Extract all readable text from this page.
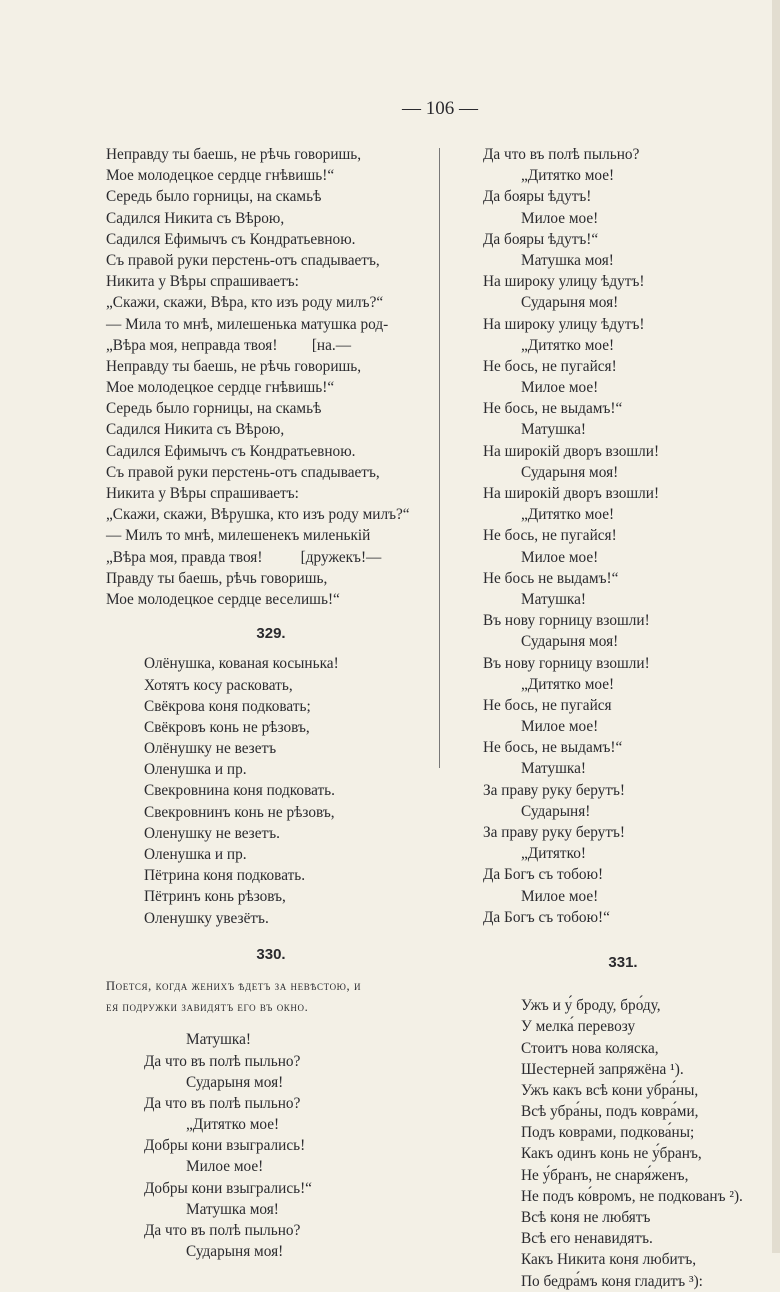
— 106 —
Неправду ты баешь, не рѣчь говоришь,
Мое молодецкое сердце гнѣвишь!“
Середь было горницы, на скамьѣ
Садился Никита съ Вѣрою,
Садился Ефимычъ съ Кондратьевною.
Съ правой руки перстень-отъ спадываетъ,
Никита у Вѣры спрашиваетъ:
„Скажи, скажи, Вѣра, кто изъ роду милъ?“
— Мила то мнѣ, милешенька матушка род-
„Вѣра моя, неправда твоя!         [на.—
Неправду ты баешь, не рѣчь говоришь,
Мое молодецкое сердце гнѣвишь!“
Середь было горницы, на скамьѣ
Садился Никита съ Вѣрою,
Садился Ефимычъ съ Кондратьевною.
Съ правой руки перстень-отъ спадываетъ,
Никита у Вѣры спрашиваетъ:
„Скажи, скажи, Вѣрушка, кто изъ роду милъ?“
— Милъ то мнѣ, милешенекъ миленькій
„Вѣра моя, правда твоя!          [дружекъ!—
Правду ты баешь, рѣчь говоришь,
Мое молодецкое сердце веселишь!“
329.
Олёнушка, кованая косынька!
Хотятъ косу расковать,
Свёкрова коня подковать;
Свёкровъ конь не рѣзовъ,
Олёнушку не везетъ
Оленушка и пр.
Свекровнина коня подковать.
Свекровнинъ конь не рѣзовъ,
Оленушку не везетъ.
Оленушка и пр.
Пётрина коня подковать.
Пётринъ конь рѣзовъ,
Оленушку увезётъ.
330.
Поется, когда женихъ ѣдетъ за невѣстою, и
ея подружки завидятъ его въ окно.
Матушка!
Да что въ полѣ пыльно?
Сударыня моя!
Да что въ полѣ пыльно?
„Дитятко мое!
Добры кони взыгрались!
Милое мое!
Добры кони взыгрались!“
Матушка моя!
Да что въ полѣ пыльно?
Сударыня моя!
Да что въ полѣ пыльно?
„Дитятко мое!
Да бояры ѣдутъ!
Милое мое!
Да бояры ѣдутъ!“
Матушка моя!
На широку улицу ѣдутъ!
Сударыня моя!
На широку улицу ѣдутъ!
„Дитятко мое!
Не бось, не пугайся!
Милое мое!
Не бось, не выдамъ!“
Матушка!
На широкій дворъ взошли!
Сударыня моя!
На широкій дворъ взошли!
„Дитятко мое!
Не бось, не пугайся!
Милое мое!
Не бось не выдамъ!“
Матушка!
Въ нову горницу взошли!
Сударыня моя!
Въ нову горницу взошли!
„Дитятко мое!
Не бось, не пугайся
Милое мое!
Не бось, не выдамъ!“
Матушка!
За праву руку берутъ!
Сударыня!
За праву руку берутъ!
„Дитятко!
Да Богъ съ тобою!
Милое мое!
Да Богъ съ тобою!“
331.
Ужъ и у́ броду, бро́ду,
У мелка́ перевозу
Стоитъ нова коляска,
Шестерней запряжёна ¹).
Ужъ какъ всѣ кони убра́ны,
Всѣ убра́ны, подъ ковра́ми,
Подъ коврами, подкова́ны;
Какъ одинъ конь не у́бранъ,
Не у́бранъ, не снаря́женъ,
Не подъ ко́вромъ, не подкованъ ²).
Всѣ коня не любятъ
Всѣ его ненавидятъ.
Какъ Никита коня любитъ,
По бедра́мъ коня гладитъ ³):
